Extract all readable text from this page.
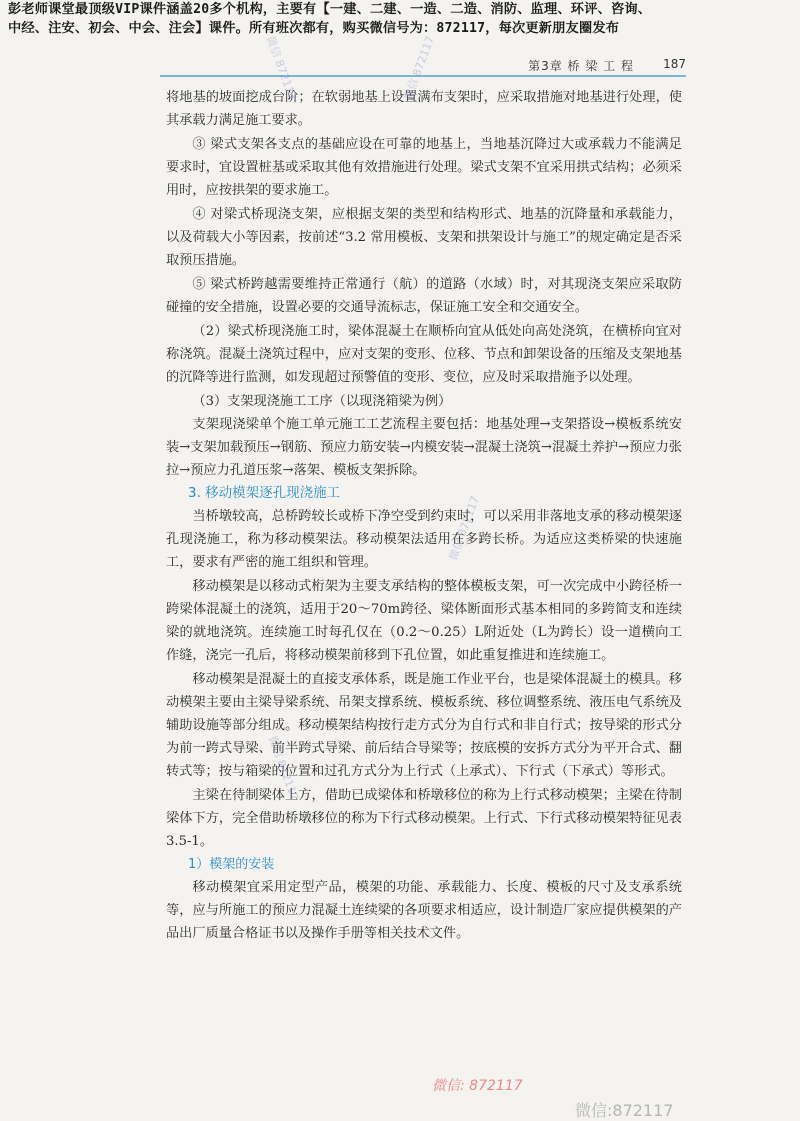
彭老师课堂最顶级VIP课件涵盖20多个机构，主要有【一建、二建、一造、二造、消防、监理、环评、咨询、
中经、注安、初会、中会、注会】课件。所有班次都有，购买微信号为：872117，每次更新朋友圈发布
第3章 桥 梁 工 程 187

将地基的坡面挖成台阶；在软弱地基上设置满布支架时，应采取措施对地基进行处理，使其承载力满足施工要求。

③ 梁式支架各支点的基础应设在可靠的地基上，当地基沉降过大或承载力不能满足要求时，宜设置桩基或采取其他有效措施进行处理。梁式支架不宜采用拱式结构；必须采用时，应按拱架的要求施工。

④ 对梁式桥现浇支架，应根据支架的类型和结构形式、地基的沉降量和承载能力，以及荷载大小等因素，按前述“3.2 常用模板、支架和拱架设计与施工”的规定确定是否采取预压措施。

⑤ 梁式桥跨越需要维持正常通行（航）的道路（水域）时，对其现浇支架应采取防碰撞的安全措施，设置必要的交通导流标志，保证施工安全和交通安全。

（2）梁式桥现浇施工时，梁体混凝土在顺桥向宜从低处向高处浇筑，在横桥向宜对称浇筑。混凝土浇筑过程中，应对支架的变形、位移、节点和卸架设备的压缩及支架地基的沉降等进行监测，如发现超过预警值的变形、变位，应及时采取措施予以处理。

（3）支架现浇施工工序（以现浇箱梁为例）

支架现浇梁单个施工单元施工工艺流程主要包括：地基处理→支架搭设→模板系统安装→支架加载预压→钢筋、预应力筋安装→内模安装→混凝土浇筑→混凝土养护→预应力张拉→预应力孔道压浆→落架、模板支架拆除。

3. 移动模架逐孔现浇施工

当桥墩较高，总桥跨较长或桥下净空受到约束时，可以采用非落地支承的移动模架逐孔现浇施工，称为移动模架法。移动模架法适用在多跨长桥。为适应这类桥梁的快速施工，要求有严密的施工组织和管理。

移动模架是以移动式桁架为主要支承结构的整体模板支架，可一次完成中小跨径桥一跨梁体混凝土的浇筑，适用于20～70m跨径、梁体断面形式基本相同的多跨简支和连续梁的就地浇筑。连续施工时每孔仅在（0.2～0.25）L附近处（L为跨长）设一道横向工作缝，浇完一孔后，将移动模架前移到下孔位置，如此重复推进和连续施工。

移动模架是混凝土的直接支承体系，既是施工作业平台，也是梁体混凝土的模具。移动模架主要由主梁导梁系统、吊架支撑系统、模板系统、移位调整系统、液压电气系统及辅助设施等部分组成。移动模架结构按行走方式分为自行式和非自行式；按导梁的形式分为前一跨式导梁、前半跨式导梁、前后结合导梁等；按底模的安拆方式分为平开合式、翻转式等；按与箱梁的位置和过孔方式分为上行式（上承式）、下行式（下承式）等形式。

主梁在待制梁体上方，借助已成梁体和桥墩移位的称为上行式移动模架；主梁在待制梁体下方，完全借助桥墩移位的称为下行式移动模架。上行式、下行式移动模架特征见表3.5-1。

1）模架的安装

移动模架宜采用定型产品，模架的功能、承载能力、长度、模板的尺寸及支承系统等，应与所施工的预应力混凝土连续梁的各项要求相适应，设计制造厂家应提供模架的产品出厂质量合格证书以及操作手册等相关技术文件。

微信 872117	微信 872117
微信 872117
微信 872117
微信: 872117
微信:872117
